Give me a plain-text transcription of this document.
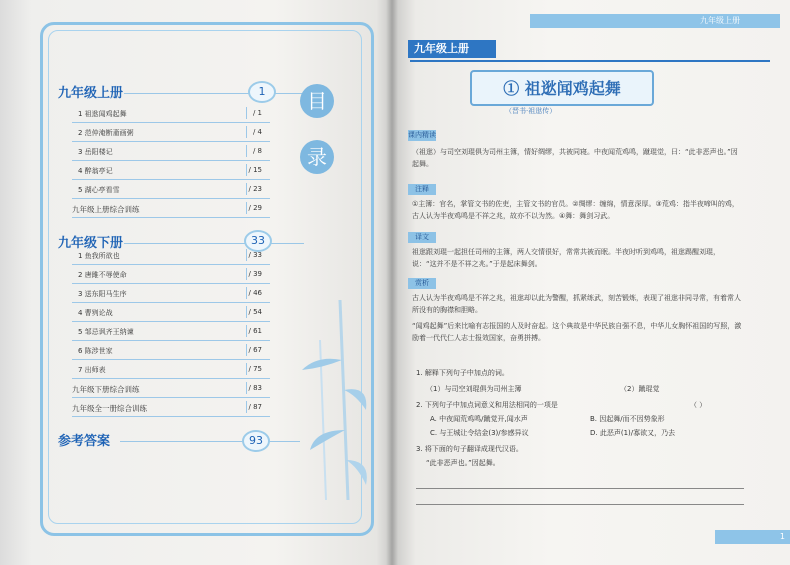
九年级上册	1
1 祖逖闻鸡起舞	/ 1
2 范仲淹断齑画粥	/ 4
3 岳阳楼记	/ 8
4 醉翁亭记	/ 15
5 湖心亭看雪	/ 23
九年级上册综合训练	/ 29
九年级下册	33
1 鱼我所欲也	/ 33
2 唐雎不辱使命	/ 39
3 送东阳马生序	/ 46
4 曹刿论战	/ 54
5 邹忌讽齐王纳谏	/ 61
6 陈涉世家	/ 67
7 出师表	/ 75
九年级下册综合训练	/ 83
九年级全一册综合训练	/ 87
参考答案	93
目
录
九年级上册
九年级上册
① 祖逖闻鸡起舞
（晋书·祖逖传）
课内精读
（祖逖）与司空刘琨俱为司州主簿，情好绸缪，共被同寝。中夜闻荒鸡鸣，蹴琨觉，曰：“此非恶声也。”因起舞。
注释
①主簿：官名，掌管文书的佐吏，主管文书的官员。②绸缪：缠绵，情意深厚。③荒鸡：指半夜啼叫的鸡，古人认为半夜鸡鸣是不祥之兆，故亦不以为然。④舞：舞剑习武。
译文
祖逖跟刘琨一起担任司州的主簿，两人交情很好，常常共被而眠。半夜时听到鸡鸣，祖逖踢醒刘琨，说：“这并不是不祥之兆。”于是起床舞剑。
赏析
古人认为半夜鸡鸣是不祥之兆，祖逖却以此为警醒，抓紧练武，刻苦锻炼，表现了祖逖非同寻常，有着常人所没有的胸襟和胆略。
“闻鸡起舞”后来比喻有志报国的人及时奋起。这个典故是中华民族自强不息，中华儿女胸怀祖国的写照，激励着一代代仁人志士报效国家，奋勇拼搏。
1. 解释下列句子中加点的词。
（1）与司空刘琨俱为司州主簿	（2）蹴琨觉
2. 下列句子中加点词意义和用法相同的一项是	（ ）
A. 中夜闻荒鸡鸣/蹴觉开,闻水声	B. 因起舞/而不因势象形
C. 与王城让令结金(3)/参感异议	D. 此恶声(1)/寡欲又，乃去
3. 将下面的句子翻译成现代汉语。
“此非恶声也。”因起舞。
1
